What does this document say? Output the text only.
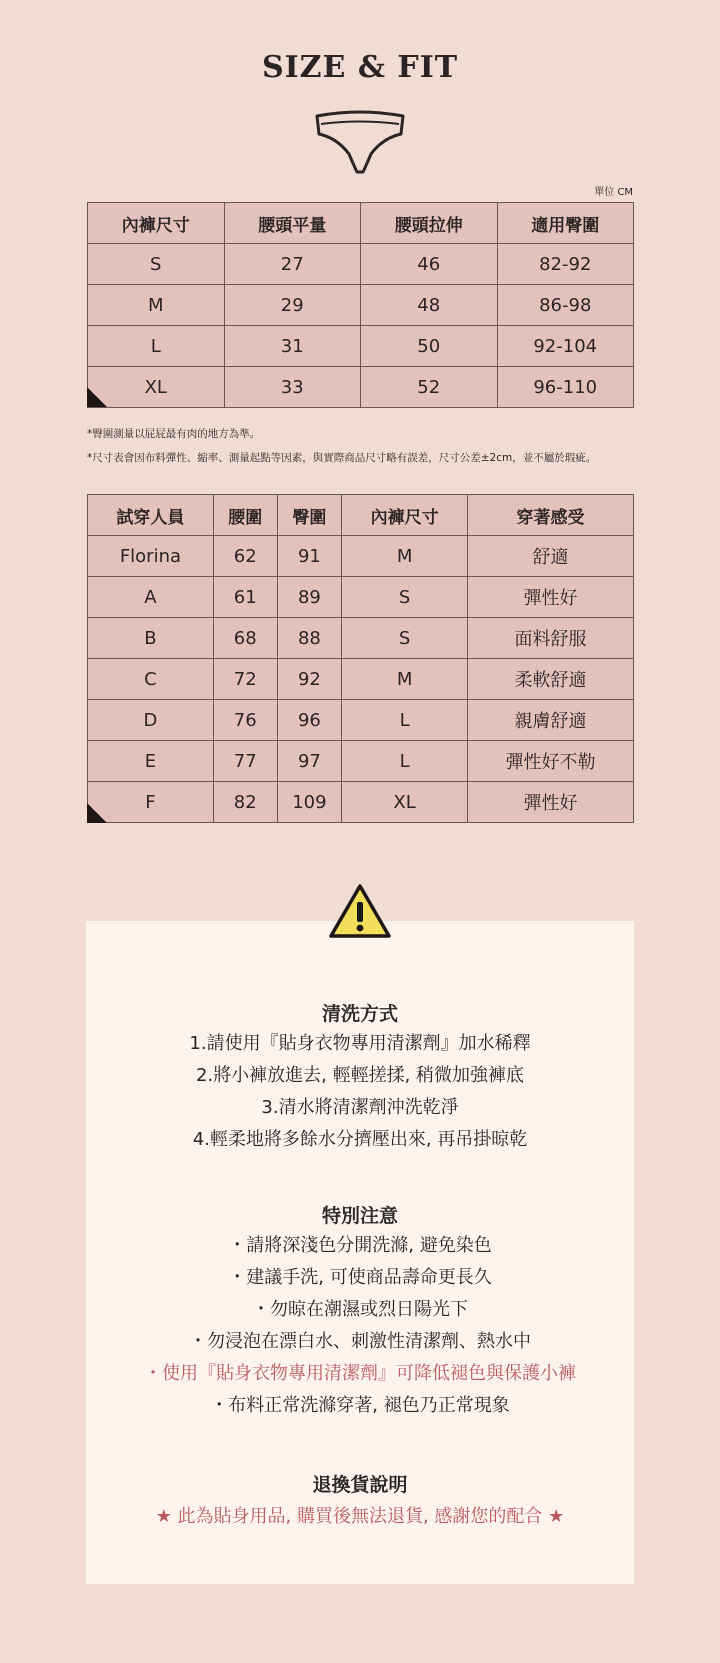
SIZE & FIT
單位 CM
內褲尺寸	腰頭平量	腰頭拉伸	適用臀圍
S	27	46	82-92
M	29	48	86-98
L	31	50	92-104
XL	33	52	96-110
*臀圍測量以屁屁最有肉的地方為準。
*尺寸表會因布料彈性、縮率、測量起點等因素，與實際商品尺寸略有誤差，尺寸公差±2cm，並不屬於瑕疵。
試穿人員	腰圍	臀圍	內褲尺寸	穿著感受
Florina	62	91	M	舒適
A	61	89	S	彈性好
B	68	88	S	面料舒服
C	72	92	M	柔軟舒適
D	76	96	L	親膚舒適
E	77	97	L	彈性好不勒
F	82	109	XL	彈性好
清洗方式
1.請使用『貼身衣物專用清潔劑』加水稀釋
2.將小褲放進去, 輕輕搓揉, 稍微加強褲底
3.清水將清潔劑沖洗乾淨
4.輕柔地將多餘水分擠壓出來, 再吊掛晾乾
特別注意
・請將深淺色分開洗滌, 避免染色
・建議手洗, 可使商品壽命更長久
・勿晾在潮濕或烈日陽光下
・勿浸泡在漂白水、刺激性清潔劑、熱水中
・使用『貼身衣物專用清潔劑』可降低褪色與保護小褲
・布料正常洗滌穿著, 褪色乃正常現象
退換貨說明
★ 此為貼身用品, 購買後無法退貨, 感謝您的配合 ★
